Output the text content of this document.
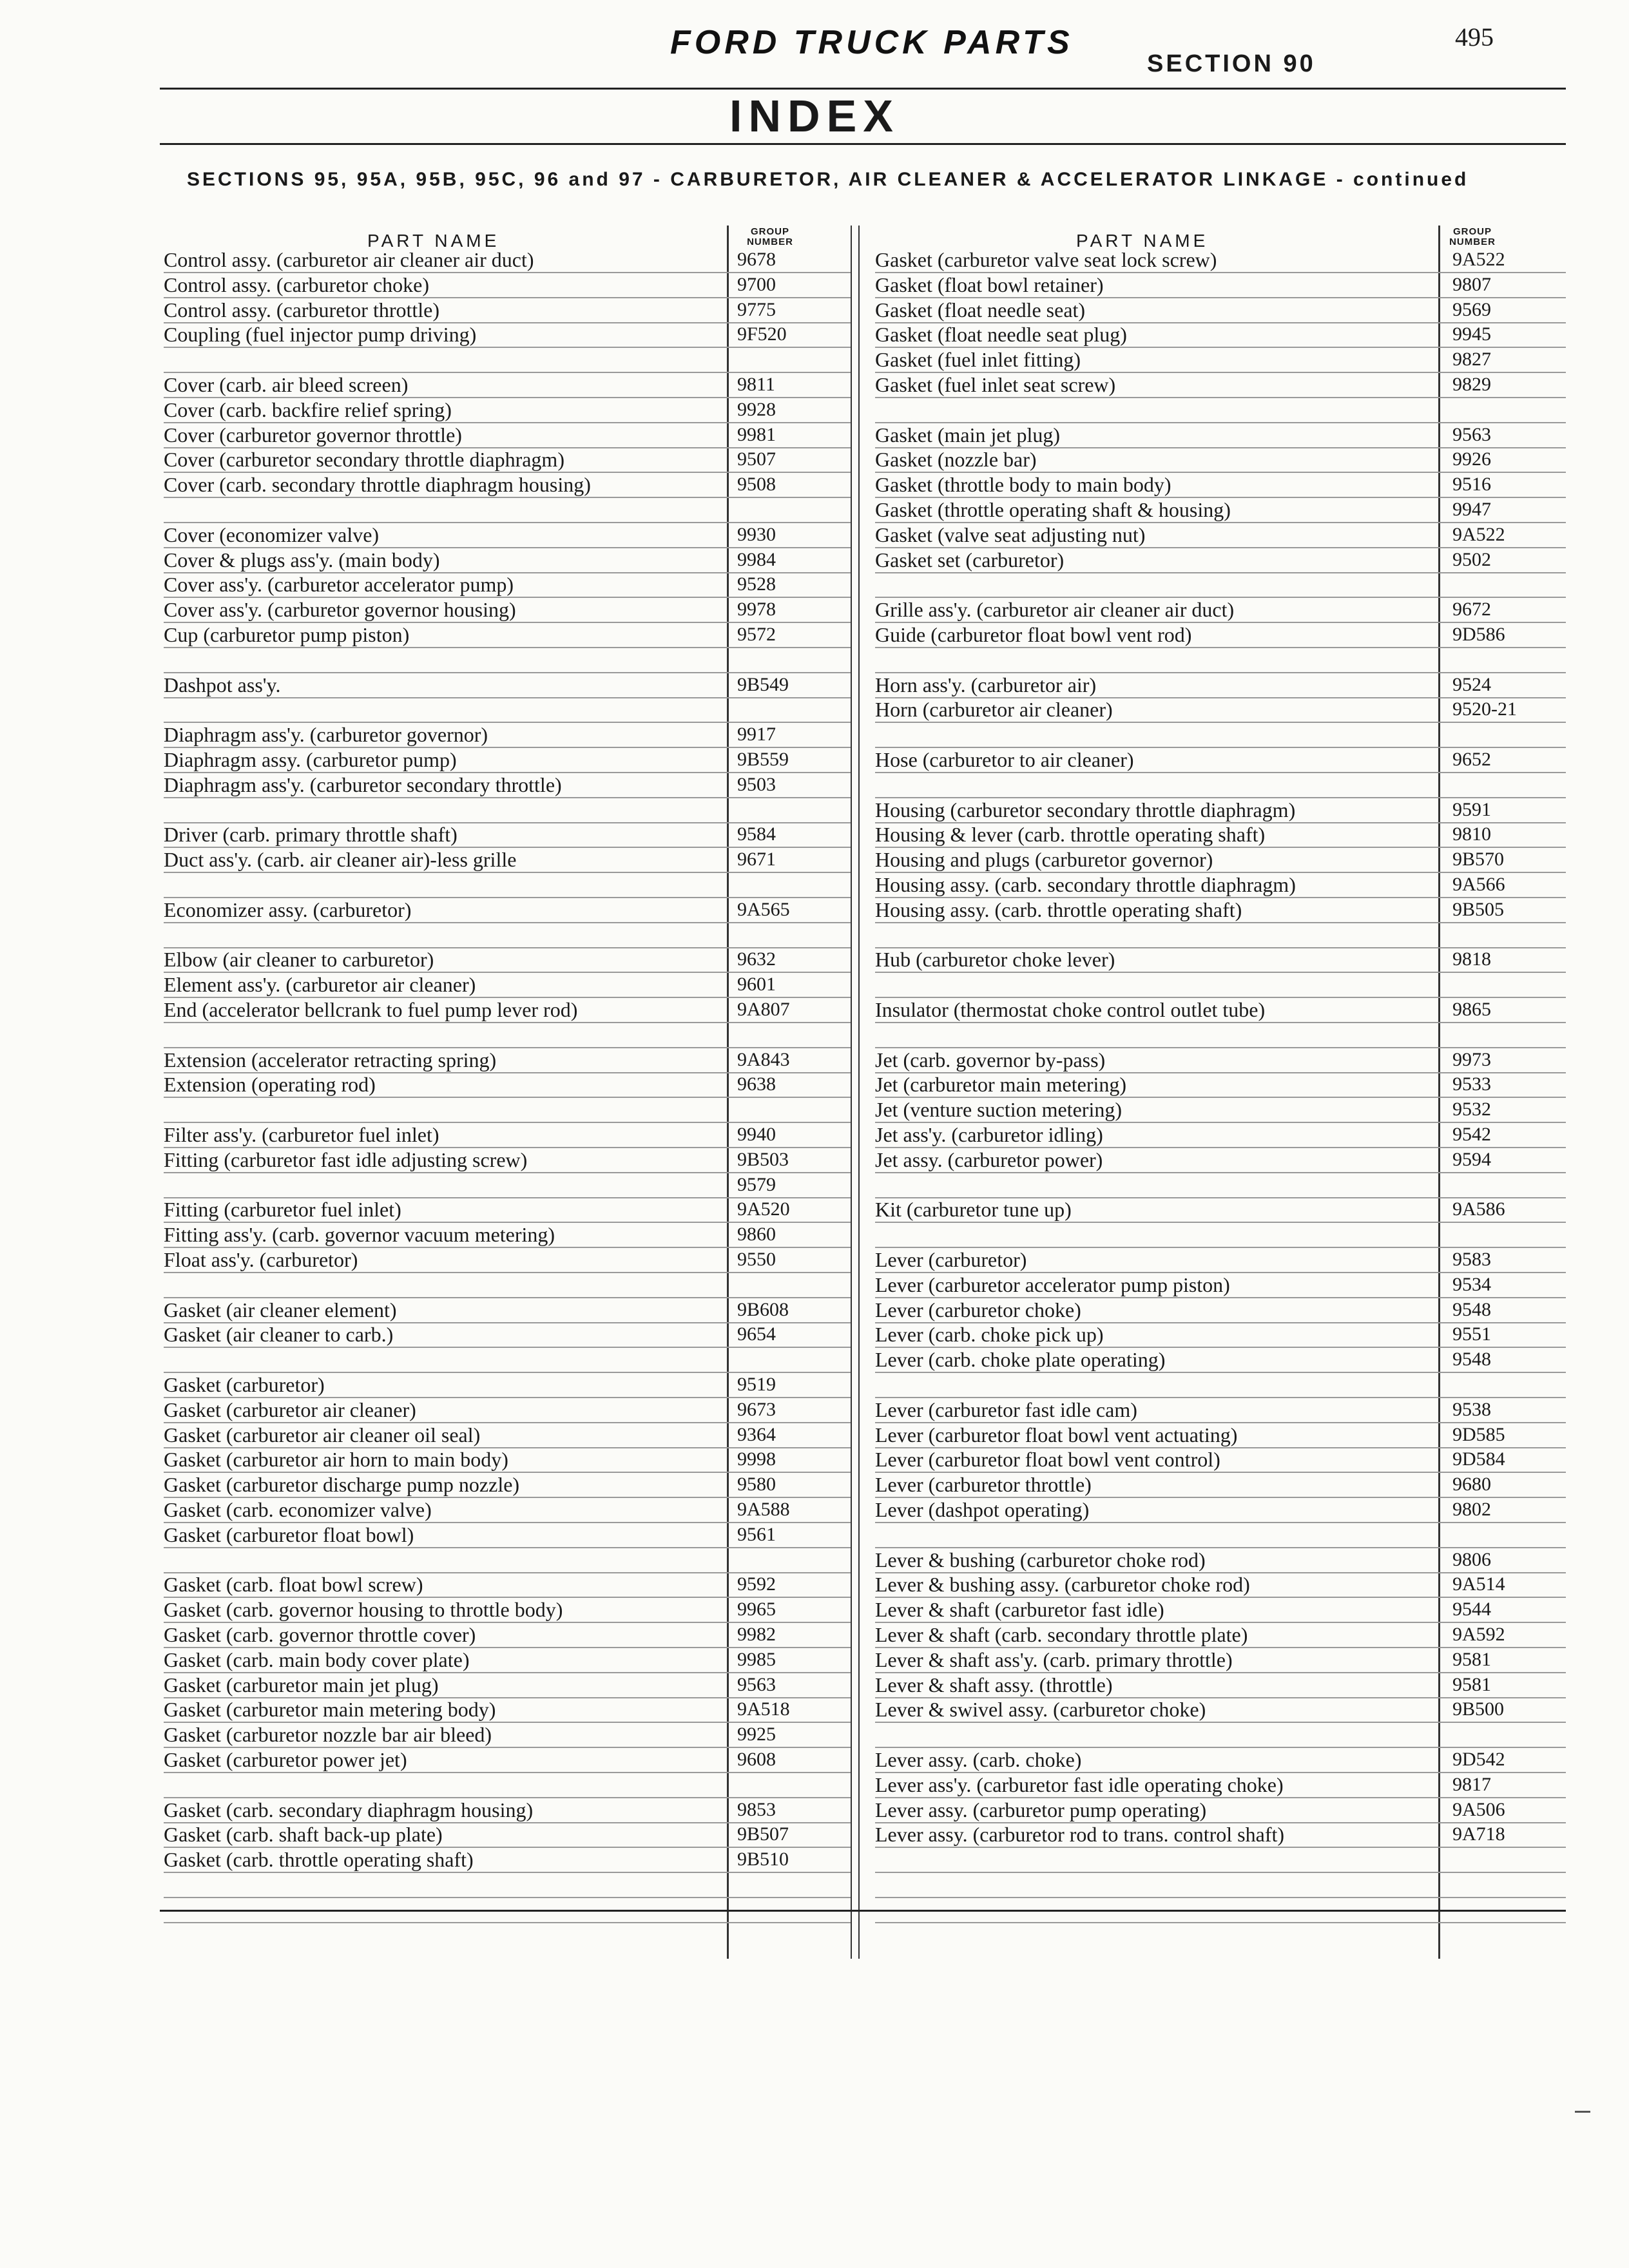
FORD TRUCK PARTS
SECTION 90
495
INDEX
SECTIONS 95, 95A, 95B, 95C, 96 and 97 - CARBURETOR, AIR CLEANER & ACCELERATOR LINKAGE - continued
PART NAME	GROUP NUMBER	PART NAME	GROUP NUMBER
Control assy. (carburetor air cleaner air duct)	9678
Control assy. (carburetor choke)	9700
Control assy. (carburetor throttle)	9775
Coupling (fuel injector pump driving)	9F520
Cover (carb. air bleed screen)	9811
Cover (carb. backfire relief spring)	9928
Cover (carburetor governor throttle)	9981
Cover (carburetor secondary throttle diaphragm)	9507
Cover (carb. secondary throttle diaphragm housing)	9508
Cover (economizer valve)	9930
Cover & plugs ass'y. (main body)	9984
Cover ass'y. (carburetor accelerator pump)	9528
Cover ass'y. (carburetor governor housing)	9978
Cup (carburetor pump piston)	9572
Dashpot ass'y.	9B549
Diaphragm ass'y. (carburetor governor)	9917
Diaphragm assy. (carburetor pump)	9B559
Diaphragm ass'y. (carburetor secondary throttle)	9503
Driver (carb. primary throttle shaft)	9584
Duct ass'y. (carb. air cleaner air)-less grille	9671
Economizer assy. (carburetor)	9A565
Elbow (air cleaner to carburetor)	9632
Element ass'y. (carburetor air cleaner)	9601
End (accelerator bellcrank to fuel pump lever rod)	9A807
Extension (accelerator retracting spring)	9A843
Extension (operating rod)	9638
Filter ass'y. (carburetor fuel inlet)	9940
Fitting (carburetor fast idle adjusting screw)	9B503
9579
Fitting (carburetor fuel inlet)	9A520
Fitting ass'y. (carb. governor vacuum metering)	9860
Float ass'y. (carburetor)	9550
Gasket (air cleaner element)	9B608
Gasket (air cleaner to carb.)	9654
Gasket (carburetor)	9519
Gasket (carburetor air cleaner)	9673
Gasket (carburetor air cleaner oil seal)	9364
Gasket (carburetor air horn to main body)	9998
Gasket (carburetor discharge pump nozzle)	9580
Gasket (carb. economizer valve)	9A588
Gasket (carburetor float bowl)	9561
Gasket (carb. float bowl screw)	9592
Gasket (carb. governor housing to throttle body)	9965
Gasket (carb. governor throttle cover)	9982
Gasket (carb. main body cover plate)	9985
Gasket (carburetor main jet plug)	9563
Gasket (carburetor main metering body)	9A518
Gasket (carburetor nozzle bar air bleed)	9925
Gasket (carburetor power jet)	9608
Gasket (carb. secondary diaphragm housing)	9853
Gasket (carb. shaft back-up plate)	9B507
Gasket (carb. throttle operating shaft)	9B510
Gasket (carburetor valve seat lock screw)	9A522
Gasket (float bowl retainer)	9807
Gasket (float needle seat)	9569
Gasket (float needle seat plug)	9945
Gasket (fuel inlet fitting)	9827
Gasket (fuel inlet seat screw)	9829
Gasket (main jet plug)	9563
Gasket (nozzle bar)	9926
Gasket (throttle body to main body)	9516
Gasket (throttle operating shaft & housing)	9947
Gasket (valve seat adjusting nut)	9A522
Gasket set (carburetor)	9502
Grille ass'y. (carburetor air cleaner air duct)	9672
Guide (carburetor float bowl vent rod)	9D586
Horn ass'y. (carburetor air)	9524
Horn (carburetor air cleaner)	9520-21
Hose (carburetor to air cleaner)	9652
Housing (carburetor secondary throttle diaphragm)	9591
Housing & lever (carb. throttle operating shaft)	9810
Housing and plugs (carburetor governor)	9B570
Housing assy. (carb. secondary throttle diaphragm)	9A566
Housing assy. (carb. throttle operating shaft)	9B505
Hub (carburetor choke lever)	9818
Insulator (thermostat choke control outlet tube)	9865
Jet (carb. governor by-pass)	9973
Jet (carburetor main metering)	9533
Jet (venture suction metering)	9532
Jet ass'y. (carburetor idling)	9542
Jet assy. (carburetor power)	9594
Kit (carburetor tune up)	9A586
Lever (carburetor)	9583
Lever (carburetor accelerator pump piston)	9534
Lever (carburetor choke)	9548
Lever (carb. choke pick up)	9551
Lever (carb. choke plate operating)	9548
Lever (carburetor fast idle cam)	9538
Lever (carburetor float bowl vent actuating)	9D585
Lever (carburetor float bowl vent control)	9D584
Lever (carburetor throttle)	9680
Lever (dashpot operating)	9802
Lever & bushing (carburetor choke rod)	9806
Lever & bushing assy. (carburetor choke rod)	9A514
Lever & shaft (carburetor fast idle)	9544
Lever & shaft (carb. secondary throttle plate)	9A592
Lever & shaft ass'y. (carb. primary throttle)	9581
Lever & shaft assy. (throttle)	9581
Lever & swivel assy. (carburetor choke)	9B500
Lever assy. (carb. choke)	9D542
Lever ass'y. (carburetor fast idle operating choke)	9817
Lever assy. (carburetor pump operating)	9A506
Lever assy. (carburetor rod to trans. control shaft)	9A718
